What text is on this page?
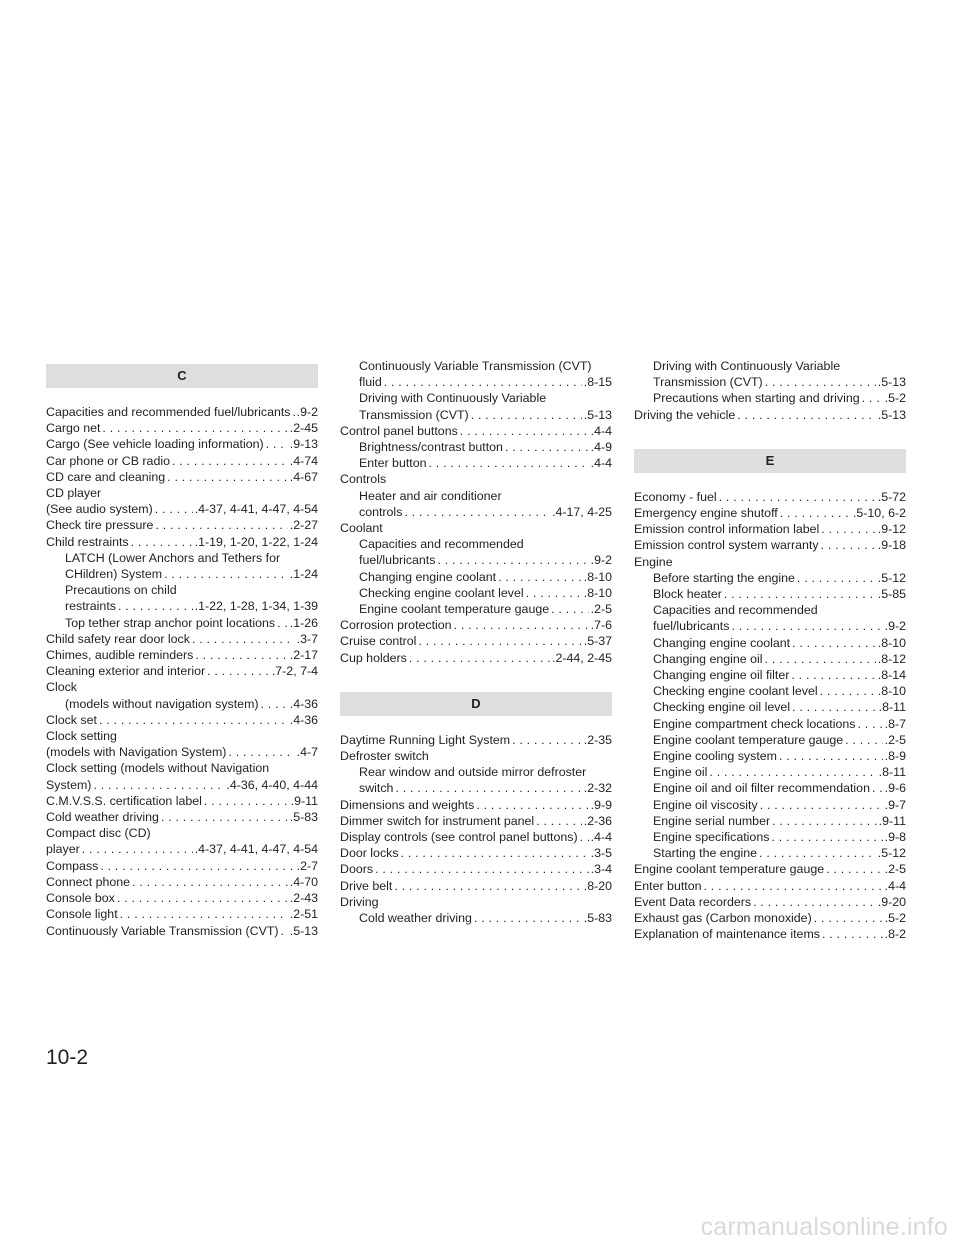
C
Capacities and recommended fuel/lubricants . . . .9-2
Cargo net . . .	.2-45
Cargo (See vehicle loading information) . . . .9-13
Car phone or CB radio . . .	.4-74
CD care and cleaning . . .	.4-67
CD player
(See audio system) . . .	.4-37, 4-41, 4-47, 4-54
Check tire pressure . . .	.2-27
Child restraints . . .	.1-19, 1-20, 1-22, 1-24
LATCH (Lower Anchors and Tethers for
CHildren) System . . .	.1-24
Precautions on child
restraints . . .	.1-22, 1-28, 1-34, 1-39
Top tether strap anchor point locations . . . .1-26
Child safety rear door lock . . .	.3-7
Chimes, audible reminders . . .	.2-17
Cleaning exterior and interior . . .	.7-2, 7-4
Clock
(models without navigation system) . . .	.4-36
Clock set . . .	.4-36
Clock setting
(models with Navigation System) . . .	.4-7
Clock setting (models without Navigation
System) . . .	.4-36, 4-40, 4-44
C.M.V.S.S. certification label . . .	.9-11
Cold weather driving . . .	.5-83
Compact disc (CD)
player . . .	.4-37, 4-41, 4-47, 4-54
Compass . . .	.2-7
Connect phone . . .	.4-70
Console box . . .	.2-43
Console light . . .	.2-51
Continuously Variable Transmission (CVT) . . . .5-13
Continuously Variable Transmission (CVT)
fluid . . .	.8-15
Driving with Continuously Variable
Transmission (CVT) . . .	.5-13
Control panel buttons . . .	.4-4
Brightness/contrast button . . .	.4-9
Enter button . . .	.4-4
Controls
Heater and air conditioner
controls . . .	.4-17, 4-25
Coolant
Capacities and recommended
fuel/lubricants . . .	.9-2
Changing engine coolant . . .	.8-10
Checking engine coolant level . . .	.8-10
Engine coolant temperature gauge . . .	.2-5
Corrosion protection . . .	.7-6
Cruise control . . .	.5-37
Cup holders . . .	.2-44, 2-45
D
Daytime Running Light System . . .	.2-35
Defroster switch
Rear window and outside mirror defroster
switch . . .	.2-32
Dimensions and weights . . .	.9-9
Dimmer switch for instrument panel . . .	.2-36
Display controls (see control panel buttons) . . . .4-4
Door locks . . .	.3-5
Doors . . .	.3-4
Drive belt . . .	.8-20
Driving
Cold weather driving . . .	.5-83
Driving with Continuously Variable
Transmission (CVT) . . .	.5-13
Precautions when starting and driving . . . .5-2
Driving the vehicle . . .	.5-13
E
Economy - fuel . . .	.5-72
Emergency engine shutoff . . .	.5-10, 6-2
Emission control information label . . .	.9-12
Emission control system warranty . . .	.9-18
Engine
Before starting the engine . . .	.5-12
Block heater . . .	.5-85
Capacities and recommended
fuel/lubricants . . .	.9-2
Changing engine coolant . . .	.8-10
Changing engine oil . . .	.8-12
Changing engine oil filter . . .	.8-14
Checking engine coolant level . . .	.8-10
Checking engine oil level . . .	.8-11
Engine compartment check locations . . . .8-7
Engine coolant temperature gauge . . .	.2-5
Engine cooling system . . .	.8-9
Engine oil . . .	.8-11
Engine oil and oil filter recommendation . . . .9-6
Engine oil viscosity . . .	.9-7
Engine serial number . . .	.9-11
Engine specifications . . .	.9-8
Starting the engine . . .	.5-12
Engine coolant temperature gauge . . .	.2-5
Enter button . . .	.4-4
Event Data recorders . . .	.9-20
Exhaust gas (Carbon monoxide) . . .	.5-2
Explanation of maintenance items . . .	.8-2
10-2
carmanualsonline.info
